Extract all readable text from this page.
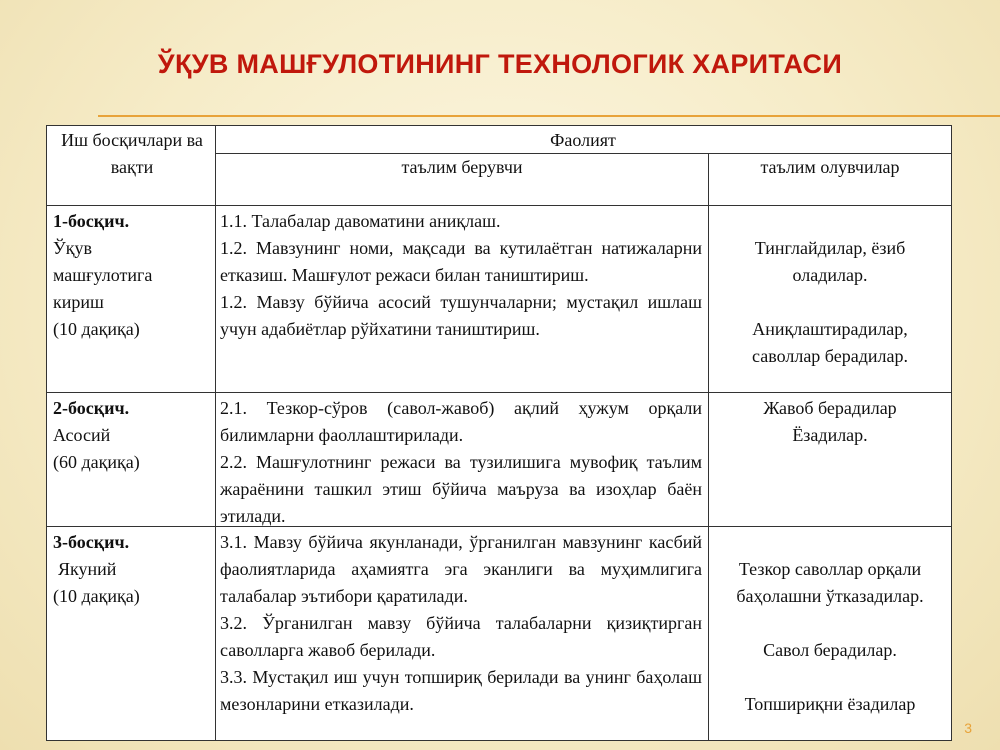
ЎҚУВ МАШҒУЛОТИНИНГ ТЕХНОЛОГИК ХАРИТАСИ
Иш босқичлари ва вақти
Фаолият
таълим берувчи	таълим олувчилар
1-босқич.
Ўқув машғулотига кириш
(10 дақиқа)
1.1. Талабалар давоматини аниқлаш.
1.2. Мавзунинг номи, мақсади ва кутилаётган натижаларни етказиш. Машғулот режаси билан таништириш.
1.2. Мавзу бўйича асосий тушунчаларни; мустақил ишлаш учун адабиётлар рўйхатини таништириш.
Тинглайдилар, ёзиб оладилар.
Аниқлаштирадилар, саволлар берадилар.
2-босқич.
Асосий
(60 дақиқа)
2.1. Тезкор-сўров (савол-жавоб) ақлий ҳужум орқали билимларни фаоллаштирилади.
2.2. Машғулотнинг режаси ва тузилишига мувофиқ таълим жараёнини ташкил этиш бўйича маъруза ва изоҳлар баён этилади.
Жавоб берадилар
Ёзадилар.
3-босқич.
Якуний
(10 дақиқа)
3.1. Мавзу бўйича якунланади, ўрганилган мавзунинг касбий фаолиятларида аҳамиятга эга эканлиги ва муҳимлигига талабалар эътибори қаратилади.
3.2. Ўрганилган мавзу бўйича талабаларни қизиқтирган саволларга жавоб берилади.
3.3. Мустақил иш учун топшириқ берилади ва унинг баҳолаш мезонларини етказилади.
Тезкор саволлар орқали баҳолашни ўтказадилар.
Савол берадилар.
Топшириқни ёзадилар
3
